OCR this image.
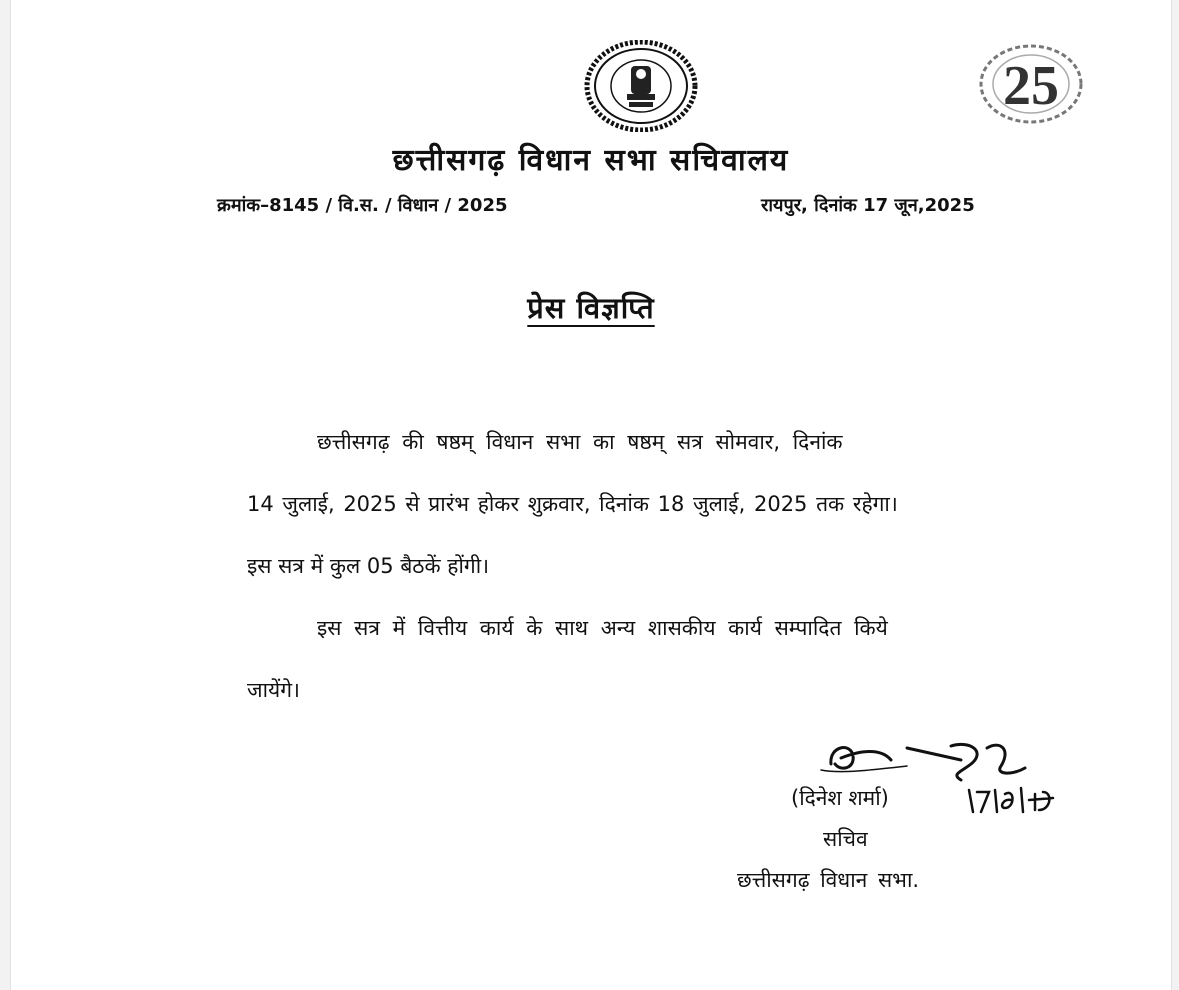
25
छत्तीसगढ़ विधान सभा सचिवालय
क्रमांक–8145 / वि.स. / विधान / 2025	रायपुर, दिनांक 17 जून,2025
प्रेस विज्ञप्ति
छत्तीसगढ़ की षष्ठम् विधान सभा का षष्ठम् सत्र सोमवार, दिनांक
14 जुलाई, 2025 से प्रारंभ होकर शुक्रवार, दिनांक 18 जुलाई, 2025 तक रहेगा।
इस सत्र में कुल 05 बैठकें होंगी।
इस सत्र में वित्तीय कार्य के साथ अन्य शासकीय कार्य सम्पादित किये
जायेंगे।
(दिनेश शर्मा)
सचिव
छत्तीसगढ़ विधान सभा.
